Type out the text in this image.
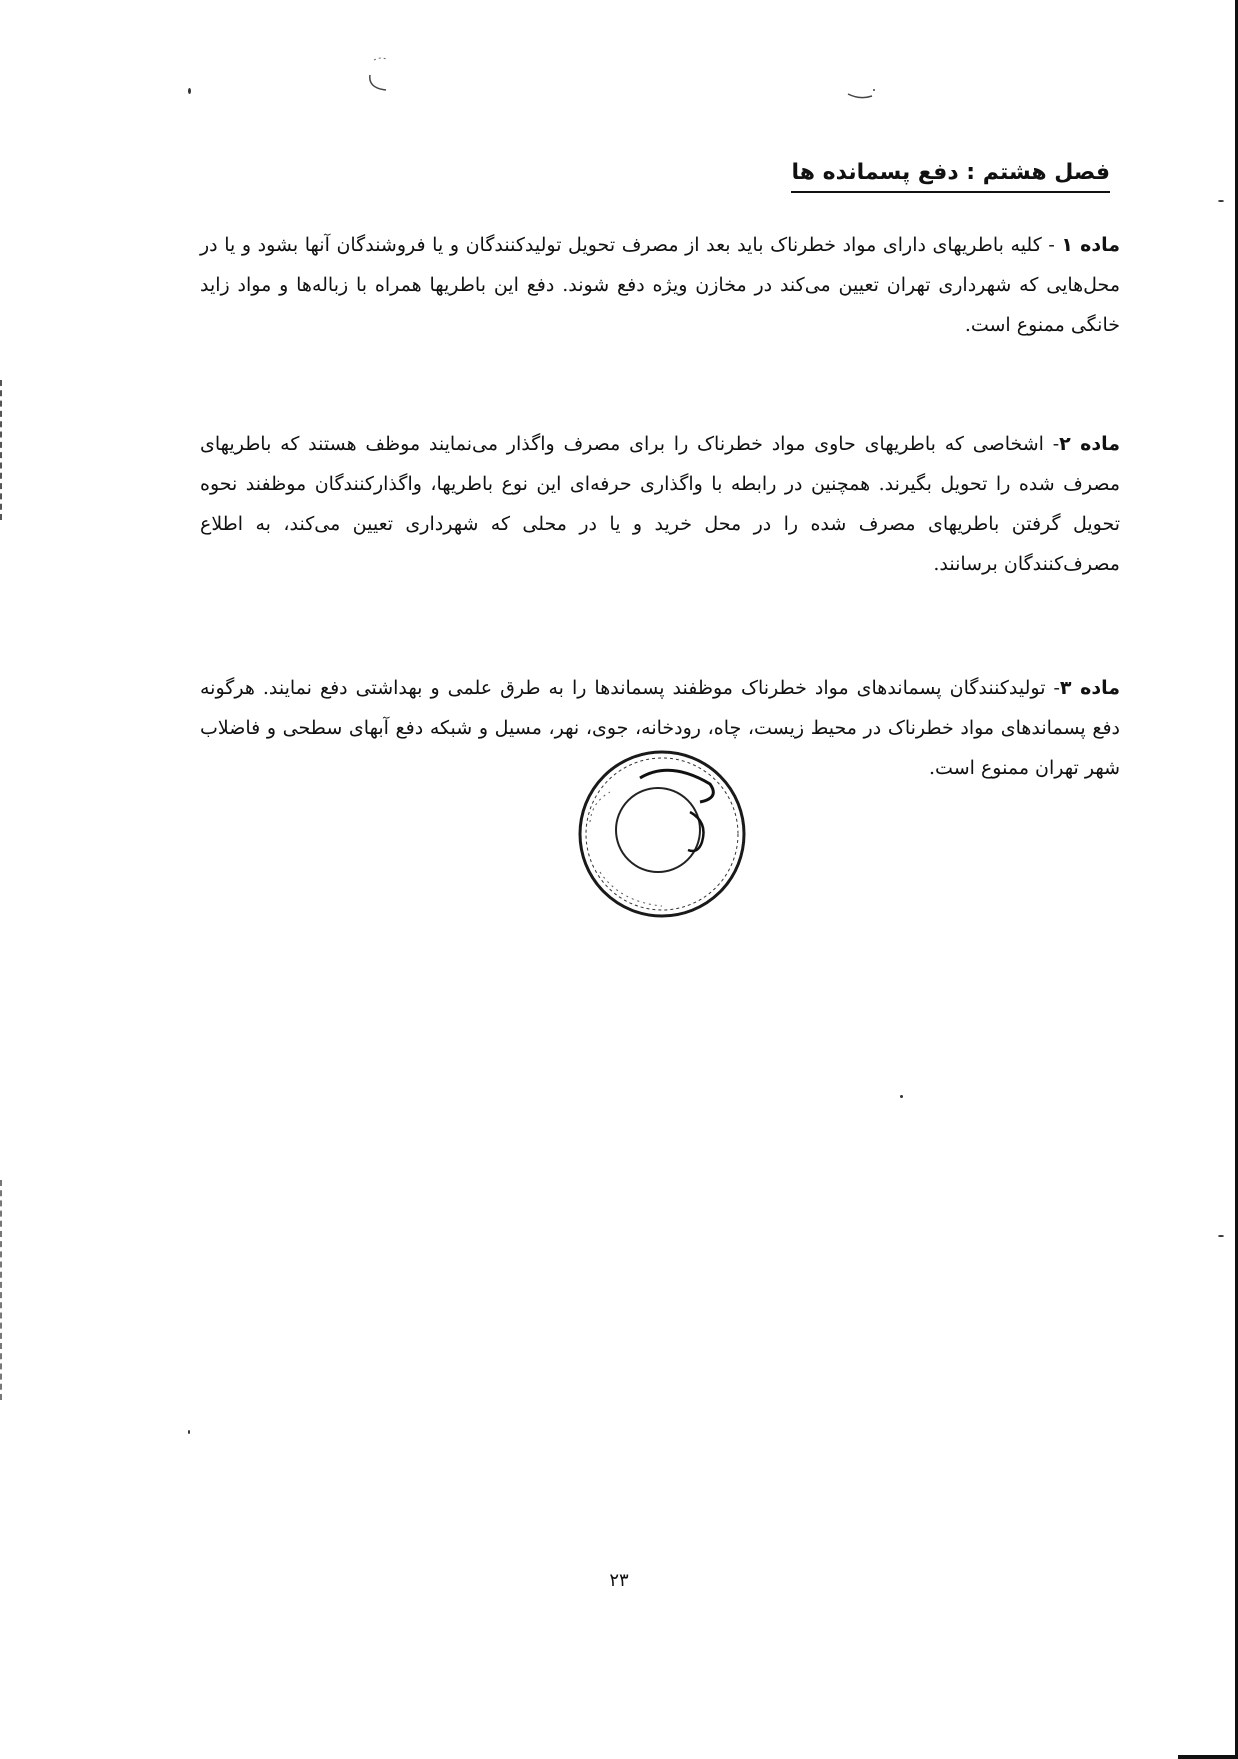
فصل هشتم : دفع پسمانده ها
ماده ۱ - کلیه باطریهای دارای مواد خطرناک باید بعد از مصرف تحویل تولیدکنندگان و یا فروشندگان آنها بشود و یا در محل‌هایی که شهرداری تهران تعیین می‌کند در مخازن ویژه دفع شوند. دفع این باطریها همراه با زباله‌ها و مواد زاید خانگی ممنوع است.
ماده ۲- اشخاصی که باطریهای حاوی مواد خطرناک را برای مصرف واگذار می‌نمایند موظف هستند که باطریهای مصرف شده را تحویل بگیرند. همچنین در رابطه با واگذاری حرفه‌ای این نوع باطریها، واگذارکنندگان موظفند نحوه تحویل گرفتن باطریهای مصرف شده را در محل خرید و یا در محلی که شهرداری تعیین می‌کند، به اطلاع مصرف‌کنندگان برسانند.
ماده ۳- تولیدکنندگان پسماندهای مواد خطرناک موظفند پسماندها را به طرق علمی و بهداشتی دفع نمایند. هرگونه دفع پسماندهای مواد خطرناک در محیط زیست، چاه، رودخانه، جوی، نهر، مسیل و شبکه دفع آبهای سطحی و فاضلاب شهر تهران ممنوع است.
۲۳
